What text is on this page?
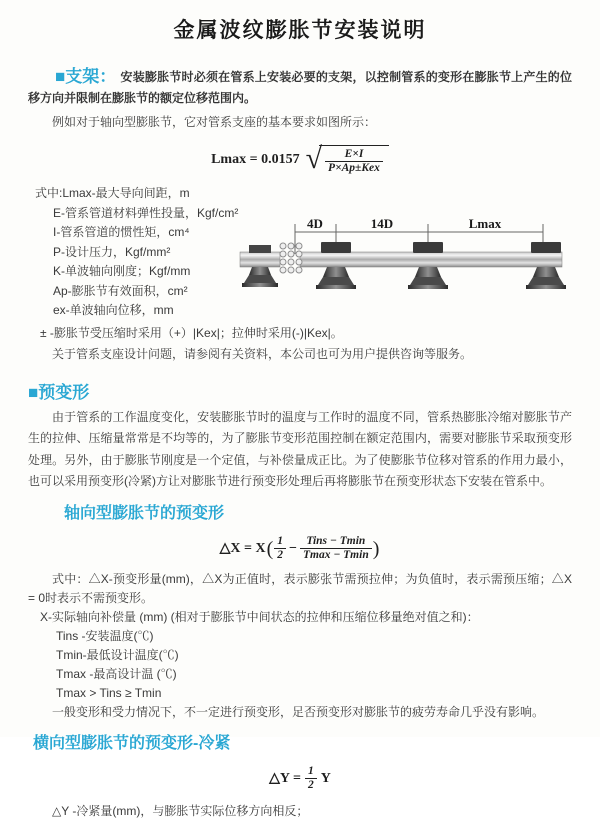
金属波纹膨胀节安装说明

■支架： 安装膨胀节时必须在管系上安装必要的支架，以控制管系的变形在膨胀节上产生的位移方向并限制在膨胀节的额定位移范围内。

例如对于轴向型膨胀节，它对管系支座的基本要求如图所示：

Lmax = 0.0157 √ $\frac{E\times I}{\text{P×Ap±Kex}}$

式中:Lmax-最大导向间距，m

E-管系管道材料弹性投量，Kgf/cm²

I-管系管道的惯性矩，cm⁴

P-设计压力，Kgf/mm²

K-单波轴向刚度；Kgf/mm

Ap-膨胀节有效面积，cm²

ex-单波轴向位移，mm

± -膨胀节受压缩时采用（+）|Kex|；拉伸时采用(-)|Kex|。

关于管系支座设计问题，请参阅有关资料，本公司也可为用户提供咨询等服务。

4D	14D	Lmax
■预变形

由于管系的工作温度变化，安装膨胀节时的温度与工作时的温度不同，管系热膨胀冷缩对膨胀节产生的拉伸、压缩量常常是不均等的，为了膨胀节变形范围控制在额定范围内，需要对膨胀节采取预变形处理。另外，由于膨胀节刚度是一个定值，与补偿量成正比。为了使膨胀节位移对管系的作用力最小，也可以采用预变形(冷紧)方让对膨胀节进行预变形处理后再将膨胀节在预变形状态下安装在管系中。

轴向型膨胀节的预变形
△X = X ( $\frac{1}{2} - \frac{\text{Tins − Tmin}}{Tmax - Tmin}$ )

式中：△X-预变形量(mm)，△X为正值时，表示膨张节需预拉伸；为负值时，表示需预压缩；△X = 0时表示不需预变形。

X-实际轴向补偿量 (mm) (相对于膨胀节中间状态的拉伸和压缩位移量绝对值之和)：

Tins -安装温度(℃)

Tmin-最低设计温度(℃)

Tmax -最高设计温 (℃)

Tmax > Tins ≥ Tmin

一般变形和受力情况下，不一定进行预变形，足否预变形对膨胀节的疲劳寿命几乎没有影响。

横向型膨胀节的预变形-冷紧
△Y = $\frac{1}{2}$ Y

△Y -冷紧量(mm)，与膨胀节实际位移方向相反；
